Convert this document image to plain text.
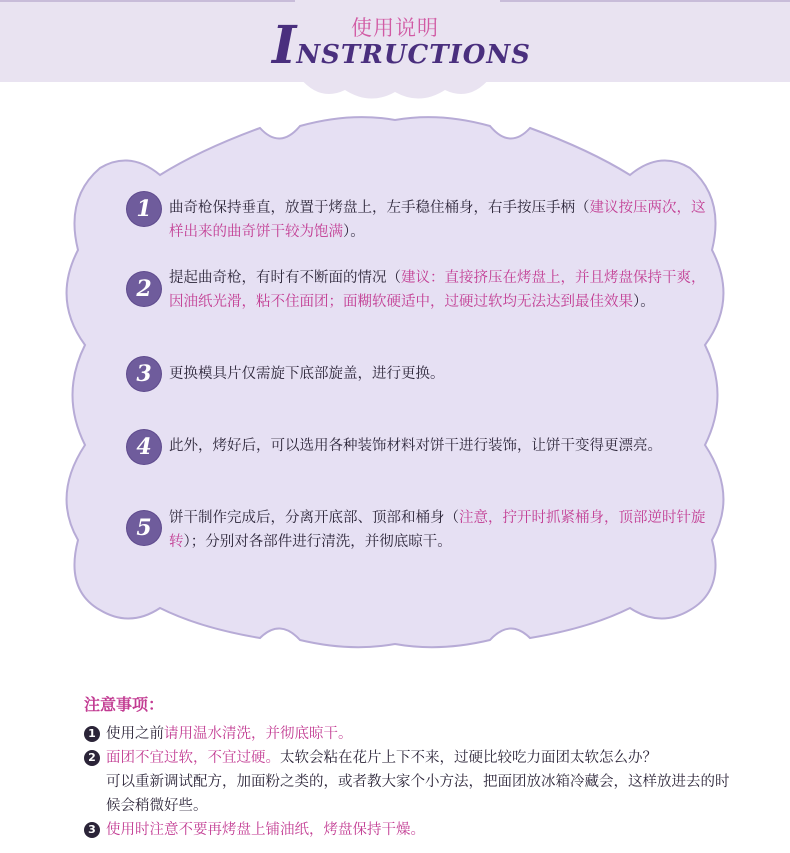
使用说明
INSTRUCTIONS
1	曲奇枪保持垂直，放置于烤盘上，左手稳住桶身，右手按压手柄（建议按压两次，这样出来的曲奇饼干较为饱满）。
2	提起曲奇枪，有时有不断面的情况（建议：直接挤压在烤盘上，并且烤盘保持干爽，因油纸光滑，粘不住面团；面糊软硬适中，过硬过软均无法达到最佳效果）。
3	更换模具片仅需旋下底部旋盖，进行更换。
4	此外，烤好后，可以选用各种装饰材料对饼干进行装饰，让饼干变得更漂亮。
5	饼干制作完成后，分离开底部、顶部和桶身（注意，拧开时抓紧桶身，顶部逆时针旋转）；分别对各部件进行清洗，并彻底晾干。
注意事项：
1 使用之前请用温水清洗，并彻底晾干。
2 面团不宜过软，不宜过硬。太软会粘在花片上下不来，过硬比较吃力面团太软怎么办？
可以重新调试配方，加面粉之类的，或者教大家个小方法，把面团放冰箱冷藏会，这样放进去的时候会稍微好些。
3 使用时注意不要再烤盘上铺油纸，烤盘保持干燥。
